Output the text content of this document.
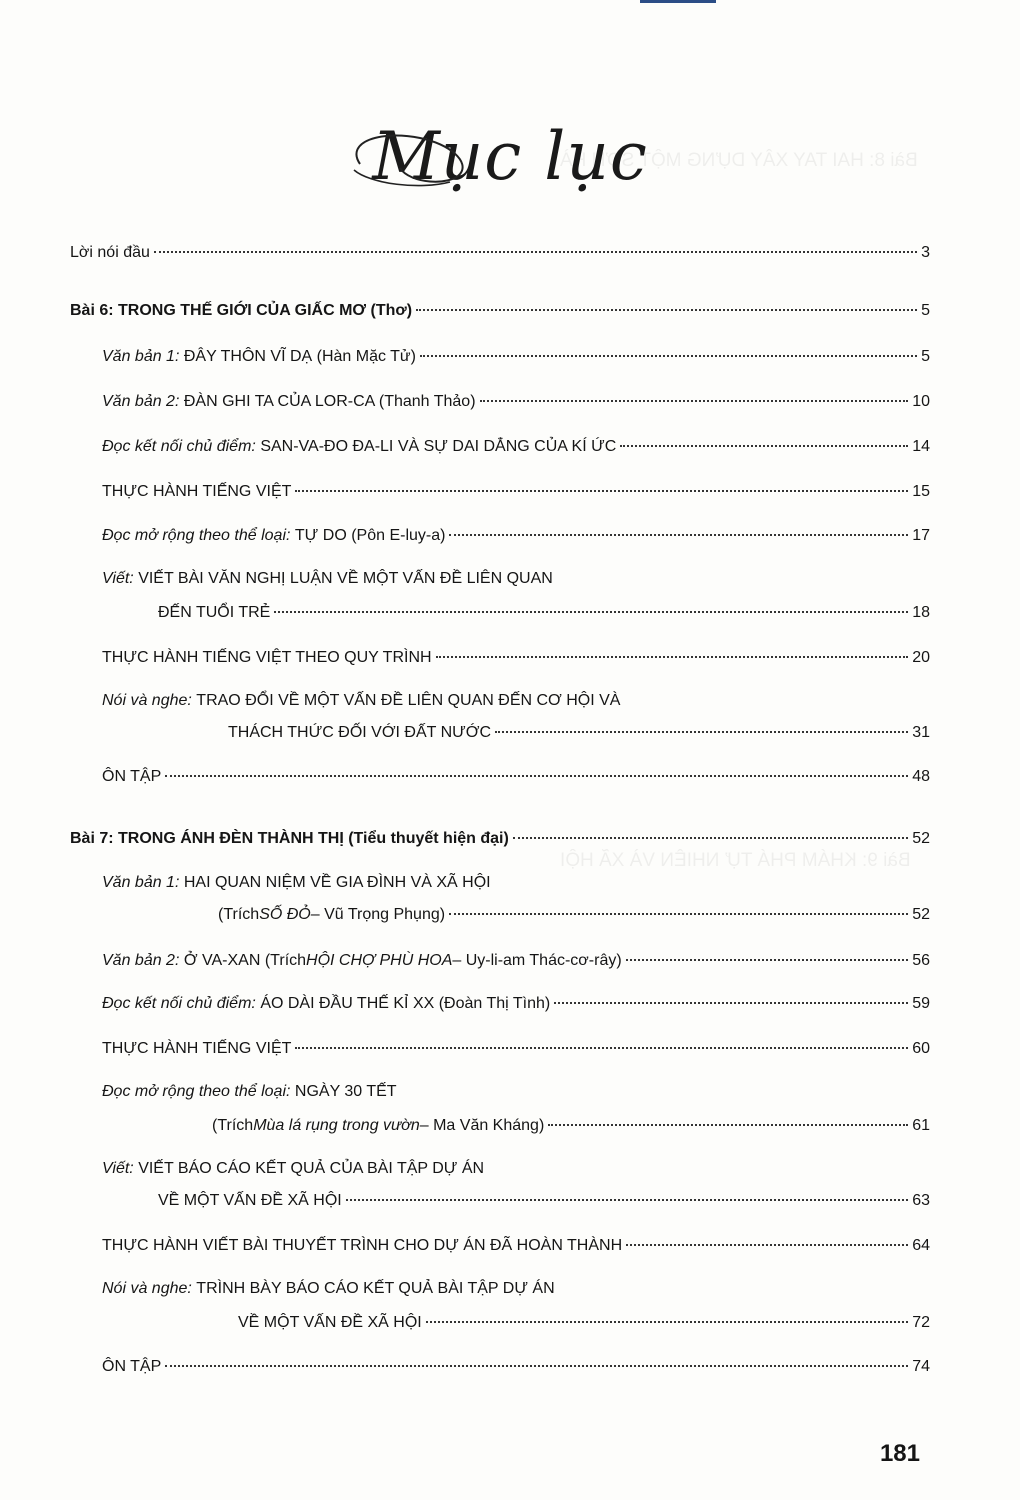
Bài 8: HAI TAY XÂY DỰNG MỘT SƠN HÀ
Bài 9: KHÁM PHÁ TỰ NHIÊN VÀ XÃ HỘI
Mục lục
Lời nói đầu	3
Bài 6: TRONG THẾ GIỚI CỦA GIẤC MƠ (Thơ)	5
Văn bản 1:
ĐÂY THÔN VĨ DẠ (Hàn Mặc Tử)	5
Văn bản 2:
ĐÀN GHI TA CỦA LOR-CA (Thanh Thảo)	10
Đọc kết nối chủ điểm:
SAN-VA-ĐO ĐA-LI VÀ SỰ DAI DẲNG CỦA KÍ ỨC	14
THỰC HÀNH TIẾNG VIỆT	15
Đọc mở rộng theo thể loại:
TỰ DO (Pôn E-luy-a)	17
Viết:
VIẾT BÀI VĂN NGHỊ LUẬN VỀ MỘT VẤN ĐỀ LIÊN QUAN
ĐẾN TUỔI TRẺ	18
THỰC HÀNH TIẾNG VIỆT THEO QUY TRÌNH	20
Nói và nghe:
TRAO ĐỔI VỀ MỘT VẤN ĐỀ LIÊN QUAN ĐẾN CƠ HỘI VÀ
THÁCH THỨC ĐỐI VỚI ĐẤT NƯỚC	31
ÔN TẬP	48
Bài 7: TRONG ÁNH ĐÈN THÀNH THỊ (Tiểu thuyết hiện đại)	52
Văn bản 1:
HAI QUAN NIỆM VỀ GIA ĐÌNH VÀ XÃ HỘI
(Trích SỐ ĐỎ – Vũ Trọng Phụng)	52
Văn bản 2:
Ở VA-XAN (Trích HỘI CHỢ PHÙ HOA – Uy-li-am Thác-cơ-rây)	56
Đọc kết nối chủ điểm:
ÁO DÀI ĐẦU THẾ KỈ XX (Đoàn Thị Tình)	59
THỰC HÀNH TIẾNG VIỆT	60
Đọc mở rộng theo thể loại:
NGÀY 30 TẾT
(Trích Mùa lá rụng trong vườn – Ma Văn Kháng)	61
Viết:
VIẾT BÁO CÁO KẾT QUẢ CỦA BÀI TẬP DỰ ÁN
VỀ MỘT VẤN ĐỀ XÃ HỘI	63
THỰC HÀNH VIẾT BÀI THUYẾT TRÌNH CHO DỰ ÁN ĐÃ HOÀN THÀNH	64
Nói và nghe:
TRÌNH BÀY BÁO CÁO KẾT QUẢ BÀI TẬP DỰ ÁN
VỀ MỘT VẤN ĐỀ XÃ HỘI	72
ÔN TẬP	74
181
